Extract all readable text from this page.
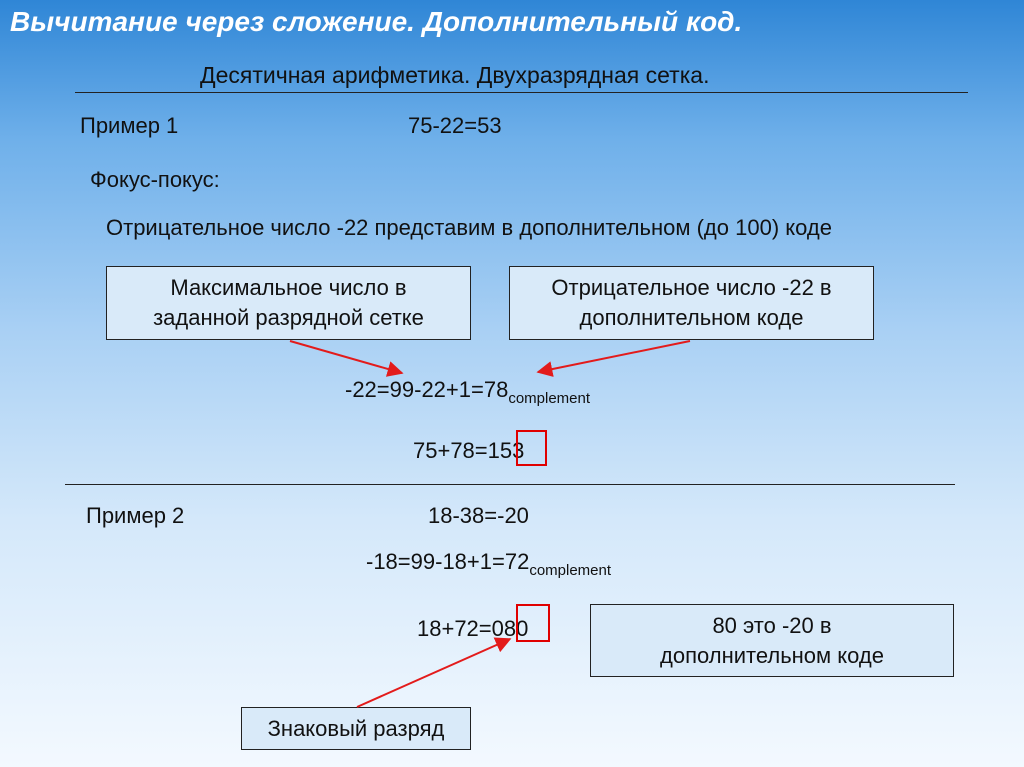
Вычитание через сложение. Дополнительный код.
Десятичная арифметика. Двухразрядная сетка.
Пример 1	75-22=53
Фокус-покус:
Отрицательное число -22 представим в дополнительном (до 100) коде
Максимальное число в
заданной разрядной сетке
Отрицательное число -22 в
дополнительном коде
$-22=99-22+1=78_{complement}$
75+78=153
Пример 2	18-38=-20
$-18=99-18+1=72_{complement}$
18+72=080	80 это -20 в
дополнительном коде
Знаковый разряд
